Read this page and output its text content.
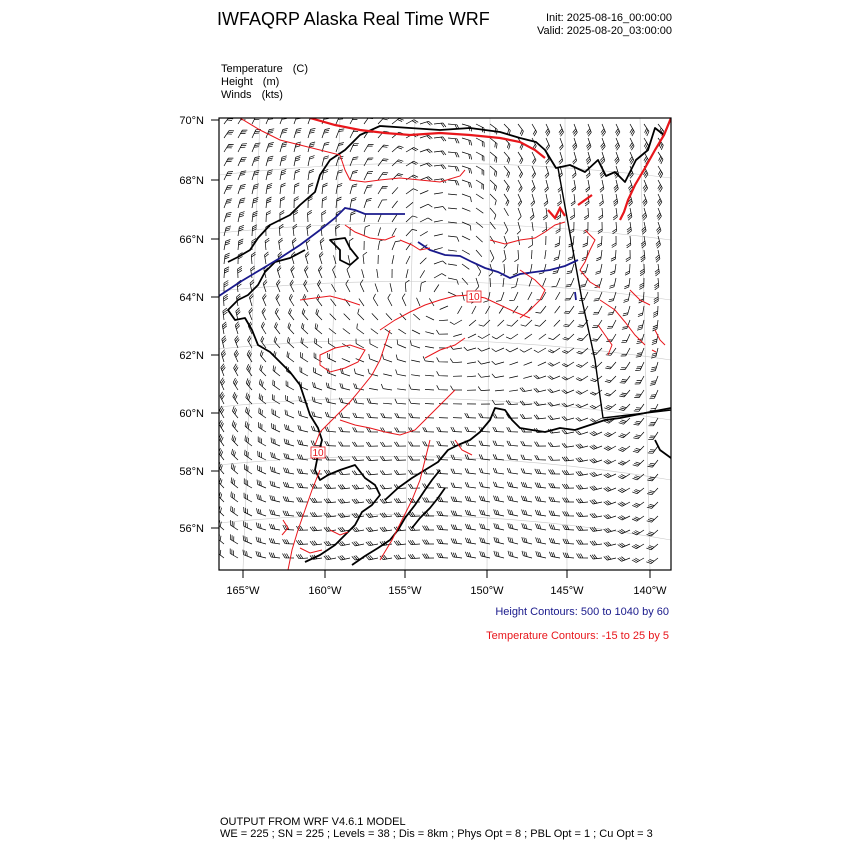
IWFAQRP Alaska Real Time WRF	Init: 2025-08-16_00:00:00
Valid: 2025-08-20_03:00:00
Temperature (C)
Height (m)
Winds (kts)
10
10
70°N
68°N
66°N
64°N
62°N
60°N
58°N
56°N
165°W	160°W	155°W	150°W	145°W	140°W
Height Contours: 500 to 1040 by 60
Temperature Contours: -15 to 25 by 5
OUTPUT FROM WRF V4.6.1 MODEL
WE = 225 ; SN = 225 ; Levels = 38 ; Dis = 8km ; Phys Opt = 8 ; PBL Opt = 1 ; Cu Opt = 3
